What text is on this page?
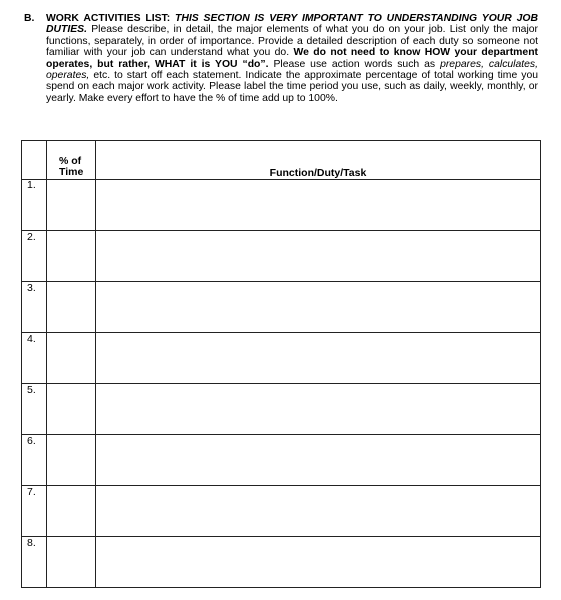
B.	WORK ACTIVITIES LIST: THIS SECTION IS VERY IMPORTANT TO UNDERSTANDING YOUR JOB DUTIES. Please describe, in detail, the major elements of what you do on your job. List only the major functions, separately, in order of importance. Provide a detailed description of each duty so someone not familiar with your job can understand what you do. We do not need to know HOW your department operates, but rather, WHAT it is YOU “do”. Please use action words such as prepares, calculates, operates, etc. to start off each statement. Indicate the approximate percentage of total working time you spend on each major work activity. Please label the time period you use, such as daily, weekly, monthly, or yearly. Make every effort to have the % of time add up to 100%.

	% of Time	Function/Duty/Task
1.		
2.		
3.		
4.		
5.		
6.		
7.		
8.		
